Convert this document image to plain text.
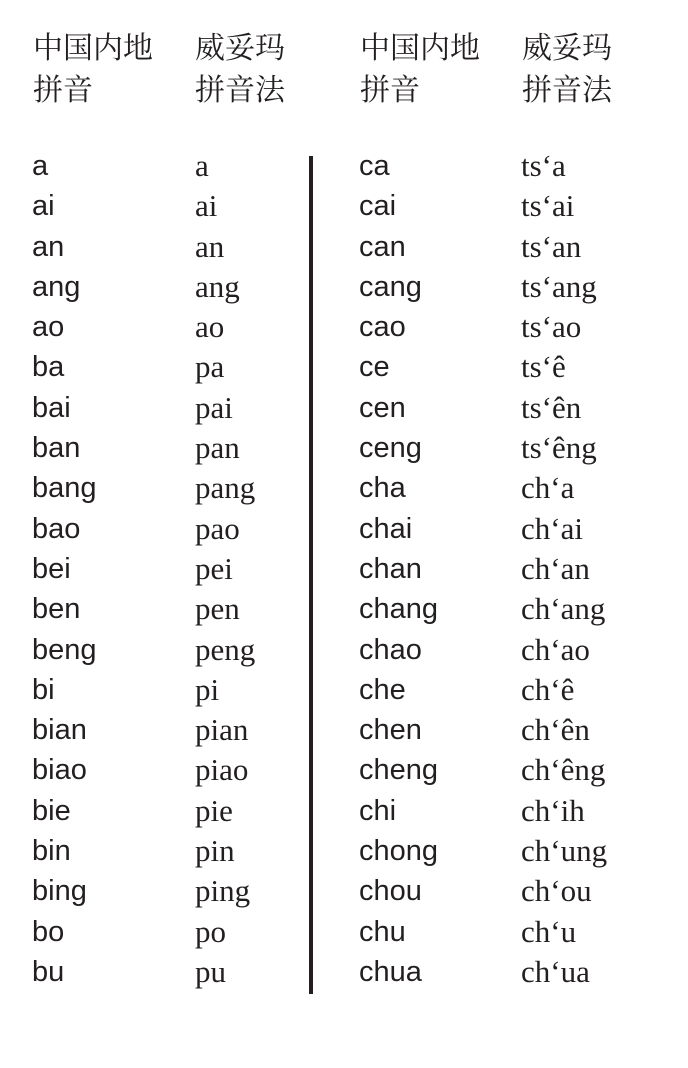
中国内地
拼音
威妥玛
拼音法
中国内地
拼音
威妥玛
拼音法
a
ai
an
ang
ao
ba
bai
ban
bang
bao
bei
ben
beng
bi
bian
biao
bie
bin
bing
bo
bu
a
ai
an
ang
ao
pa
pai
pan
pang
pao
pei
pen
peng
pi
pian
piao
pie
pin
ping
po
pu
ca
cai
can
cang
cao
ce
cen
ceng
cha
chai
chan
chang
chao
che
chen
cheng
chi
chong
chou
chu
chua
ts‘a
ts‘ai
ts‘an
ts‘ang
ts‘ao
ts‘ê
ts‘ên
ts‘êng
ch‘a
ch‘ai
ch‘an
ch‘ang
ch‘ao
ch‘ê
ch‘ên
ch‘êng
ch‘ih
ch‘ung
ch‘ou
ch‘u
ch‘ua
